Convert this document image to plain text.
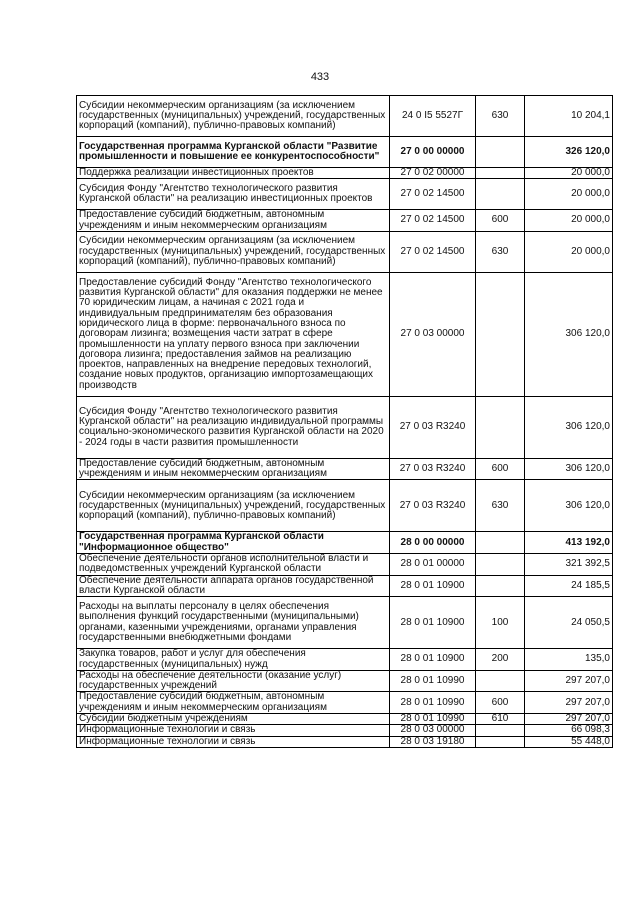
433
Субсидии некоммерческим организациям (за исключением государственных (муниципальных) учреждений, государственных корпораций (компаний), публично-правовых компаний)	24 0 I5 5527Г	630	10 204,1
Государственная программа Курганской области "Развитие промышленности и повышение ее конкурентоспособности"	27 0 00 00000		326 120,0
Поддержка реализации инвестиционных проектов	27 0 02 00000		20 000,0
Субсидия Фонду "Агентство технологического развития Курганской области" на реализацию инвестиционных проектов	27 0 02 14500		20 000,0
Предоставление субсидий бюджетным, автономным учреждениям и иным некоммерческим организациям	27 0 02 14500	600	20 000,0
Субсидии некоммерческим организациям (за исключением государственных (муниципальных) учреждений, государственных корпораций (компаний), публично-правовых компаний)	27 0 02 14500	630	20 000,0
Предоставление субсидий Фонду "Агентство технологического развития Курганской области" для оказания поддержки не менее 70 юридическим лицам, а начиная с 2021 года и индивидуальным предпринимателям без образования юридического лица в форме: первоначального взноса по договорам лизинга; возмещения части затрат в сфере промышленности на уплату первого взноса при заключении договора лизинга; предоставления займов на реализацию проектов, направленных на внедрение передовых технологий, создание новых продуктов, организацию импортозамещающих производств	27 0 03 00000		306 120,0
Субсидия Фонду "Агентство технологического развития Курганской области" на реализацию индивидуальной программы социально-экономического развития Курганской области на 2020 - 2024 годы в части развития промышленности	27 0 03 R3240		306 120,0
Предоставление субсидий бюджетным, автономным учреждениям и иным некоммерческим организациям	27 0 03 R3240	600	306 120,0
Субсидии некоммерческим организациям (за исключением государственных (муниципальных) учреждений, государственных корпораций (компаний), публично-правовых компаний)	27 0 03 R3240	630	306 120,0
Государственная программа Курганской области "Информационное общество"	28 0 00 00000		413 192,0
Обеспечение деятельности органов исполнительной власти и подведомственных учреждений Курганской области	28 0 01 00000		321 392,5
Обеспечение деятельности аппарата органов государственной власти Курганской области	28 0 01 10900		24 185,5
Расходы на выплаты персоналу в целях обеспечения выполнения функций государственными (муниципальными) органами, казенными учреждениями, органами управления государственными внебюджетными фондами	28 0 01 10900	100	24 050,5
Закупка товаров, работ и услуг для обеспечения государственных (муниципальных) нужд	28 0 01 10900	200	135,0
Расходы на обеспечение деятельности (оказание услуг) государственных учреждений	28 0 01 10990		297 207,0
Предоставление субсидий бюджетным, автономным учреждениям и иным некоммерческим организациям	28 0 01 10990	600	297 207,0
Субсидии бюджетным учреждениям	28 0 01 10990	610	297 207,0
Информационные технологии и связь	28 0 03 00000		66 098,3
Информационные технологии и связь	28 0 03 19180		55 448,0
